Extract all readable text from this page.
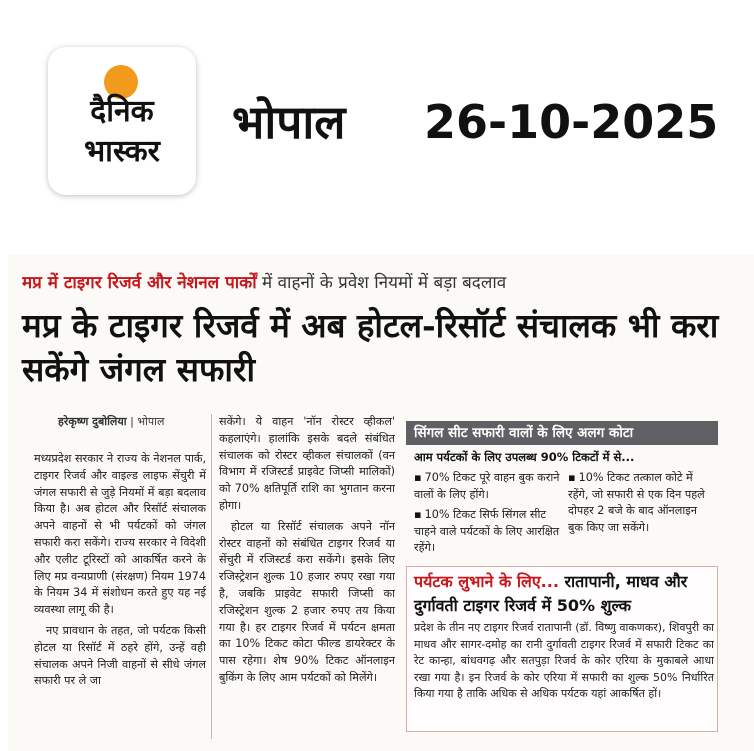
दैनिक
भास्कर
भोपाल 26-10-2025
मप्र में टाइगर रिजर्व और नेशनल पार्कों में वाहनों के प्रवेश नियमों में बड़ा बदलाव
मप्र के टाइगर रिजर्व में अब होटल-रिसॉर्ट संचालक भी करा सकेंगे जंगल सफारी
हरेकृष्ण दुबोलिया | भोपाल

मध्यप्रदेश सरकार ने राज्य के नेशनल पार्क, टाइगर रिजर्व और वाइल्ड लाइफ सेंचुरी में जंगल सफारी से जुड़े नियमों में बड़ा बदलाव किया है। अब होटल और रिसॉर्ट संचालक अपने वाहनों से भी पर्यटकों को जंगल सफारी करा सकेंगे। राज्य सरकार ने विदेशी और एलीट टूरिस्टों को आकर्षित करने के लिए मप्र वन्यप्राणी (संरक्षण) नियम 1974 के नियम 34 में संशोधन करते हुए यह नई व्यवस्था लागू की है।

नए प्रावधान के तहत, जो पर्यटक किसी होटल या रिसॉर्ट में ठहरे होंगे, उन्हें वही संचालक अपने निजी वाहनों से सीधे जंगल सफारी पर ले जा

सकेंगे। ये वाहन 'नॉन रोस्टर व्हीकल' कहलाएंगे। हालांकि इसके बदले संबंधित संचालक को रोस्टर व्हीकल संचालकों (वन विभाग में रजिस्टर्ड प्राइवेट जिप्सी मालिकों) को 70% क्षतिपूर्ति राशि का भुगतान करना होगा।

होटल या रिसॉर्ट संचालक अपने नॉन रोस्टर वाहनों को संबंधित टाइगर रिजर्व या सेंचुरी में रजिस्टर्ड करा सकेंगे। इसके लिए रजिस्ट्रेशन शुल्क 10 हजार रुपए रखा गया है, जबकि प्राइवेट सफारी जिप्सी का रजिस्ट्रेशन शुल्क 2 हजार रुपए तय किया गया है। हर टाइगर रिजर्व में पर्यटन क्षमता का 10% टिकट कोटा फील्ड डायरेक्टर के पास रहेगा। शेष 90% टिकट ऑनलाइन बुकिंग के लिए आम पर्यटकों को मिलेंगे।

सिंगल सीट सफारी वालों के लिए अलग कोटा
आम पर्यटकों के लिए उपलब्ध 90% टिकटों में से...
▪ 70% टिकट पूरे वाहन बुक कराने वालों के लिए होंगे।
▪ 10% टिकट सिर्फ सिंगल सीट चाहने वाले पर्यटकों के लिए आरक्षित रहेंगे।
▪ 10% टिकट तत्काल कोटे में रहेंगे, जो सफारी से एक दिन पहले दोपहर 2 बजे के बाद ऑनलाइन बुक किए जा सकेंगे।
पर्यटक लुभाने के लिए... रातापानी, माधव और दुर्गावती टाइगर रिजर्व में 50% शुल्क
प्रदेश के तीन नए टाइगर रिजर्व रातापानी (डॉ. विष्णु वाकणकर), शिवपुरी का माधव और सागर-दमोह का रानी दुर्गावती टाइगर रिजर्व में सफारी टिकट का रेट कान्हा, बांधवगढ़ और सतपुड़ा रिजर्व के कोर एरिया के मुकाबले आधा रखा गया है। इन रिजर्व के कोर एरिया में सफारी का शुल्क 50% निर्धारित किया गया है ताकि अधिक से अधिक पर्यटक यहां आकर्षित हों।
